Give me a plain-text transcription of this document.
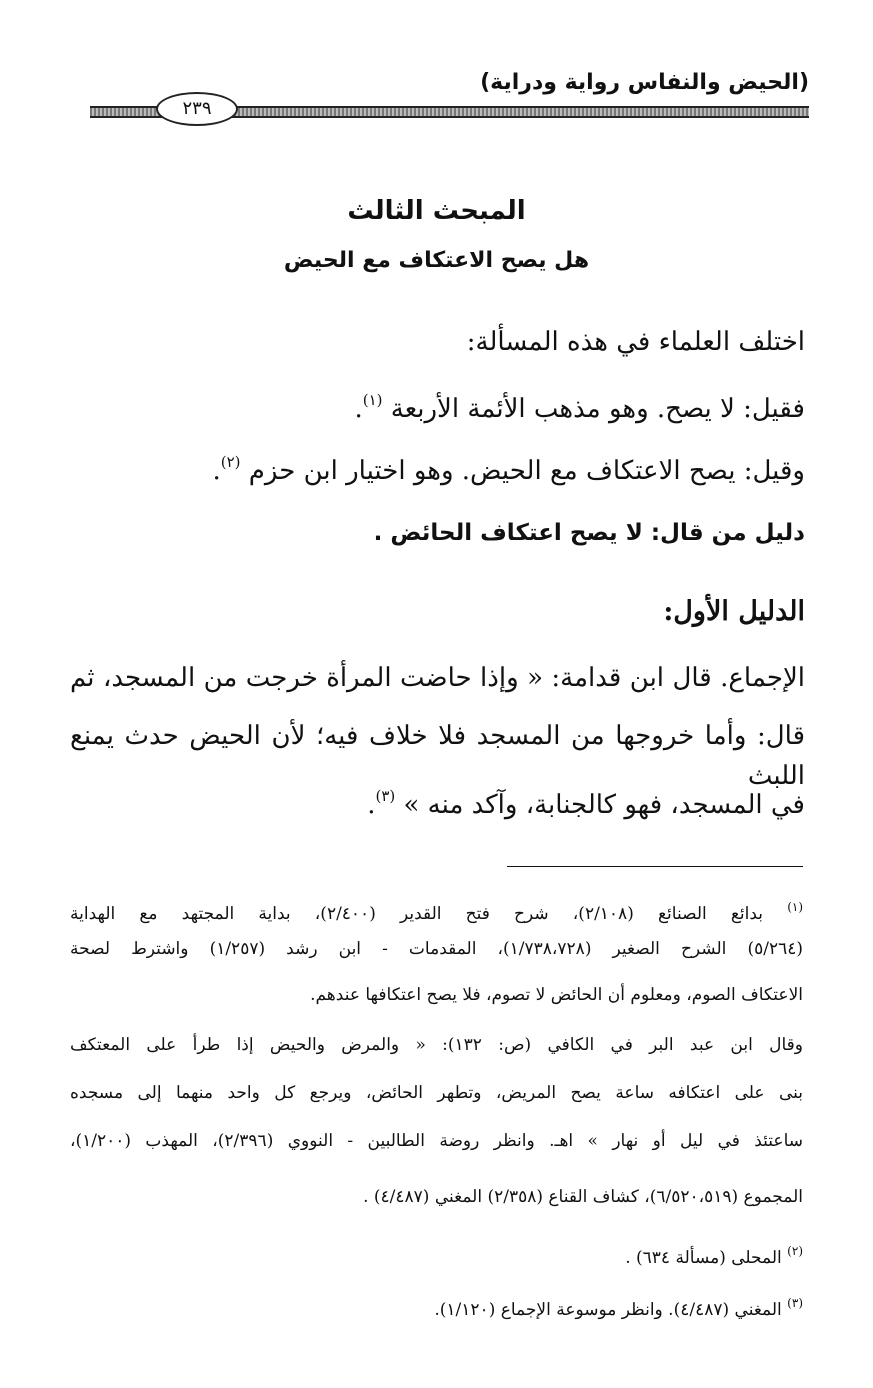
(الحيض والنفاس رواية ودراية)
٢٣٩
المبحث الثالث
هل يصح الاعتكاف مع الحيض
اختلف العلماء في هذه المسألة:
فقيل: لا يصح. وهو مذهب الأئمة الأربعة $^{(١)}$.
وقيل: يصح الاعتكاف مع الحيض. وهو اختيار ابن حزم $^{(٢)}$.
دليل من قال: لا يصح اعتكاف الحائض .
الدليل الأول:
الإجماع. قال ابن قدامة: « وإذا حاضت المرأة خرجت من المسجد، ثم
قال: وأما خروجها من المسجد فلا خلاف فيه؛ لأن الحيض حدث يمنع اللبث
في المسجد، فهو كالجنابة، وآكد منه » $^{(٣)}$.
$^{(١)}$ بدائع الصنائع (٢/١٠٨)، شرح فتح القدير (٢/٤٠٠)، بداية المجتهد مع الهداية
(٥/٢٦٤) الشرح الصغير (١/٧٣٨،٧٢٨)، المقدمات - ابن رشد (١/٢٥٧) واشترط لصحة
الاعتكاف الصوم، ومعلوم أن الحائض لا تصوم، فلا يصح اعتكافها عندهم.
وقال ابن عبد البر في الكافي (ص: ١٣٢): « والمرض والحيض إذا طرأ على المعتكف
بنى على اعتكافه ساعة يصح المريض، وتطهر الحائض، ويرجع كل واحد منهما إلى مسجده
ساعتئذ في ليل أو نهار » اهـ. وانظر روضة الطالبين - النووي (٢/٣٩٦)، المهذب (١/٢٠٠)،
المجموع (٦/٥٢٠،٥١٩)، كشاف القناع (٢/٣٥٨) المغني (٤/٤٨٧) .
$^{(٢)}$ المحلى (مسألة ٦٣٤) .
$^{(٣)}$ المغني (٤/٤٨٧). وانظر موسوعة الإجماع (١/١٢٠).
